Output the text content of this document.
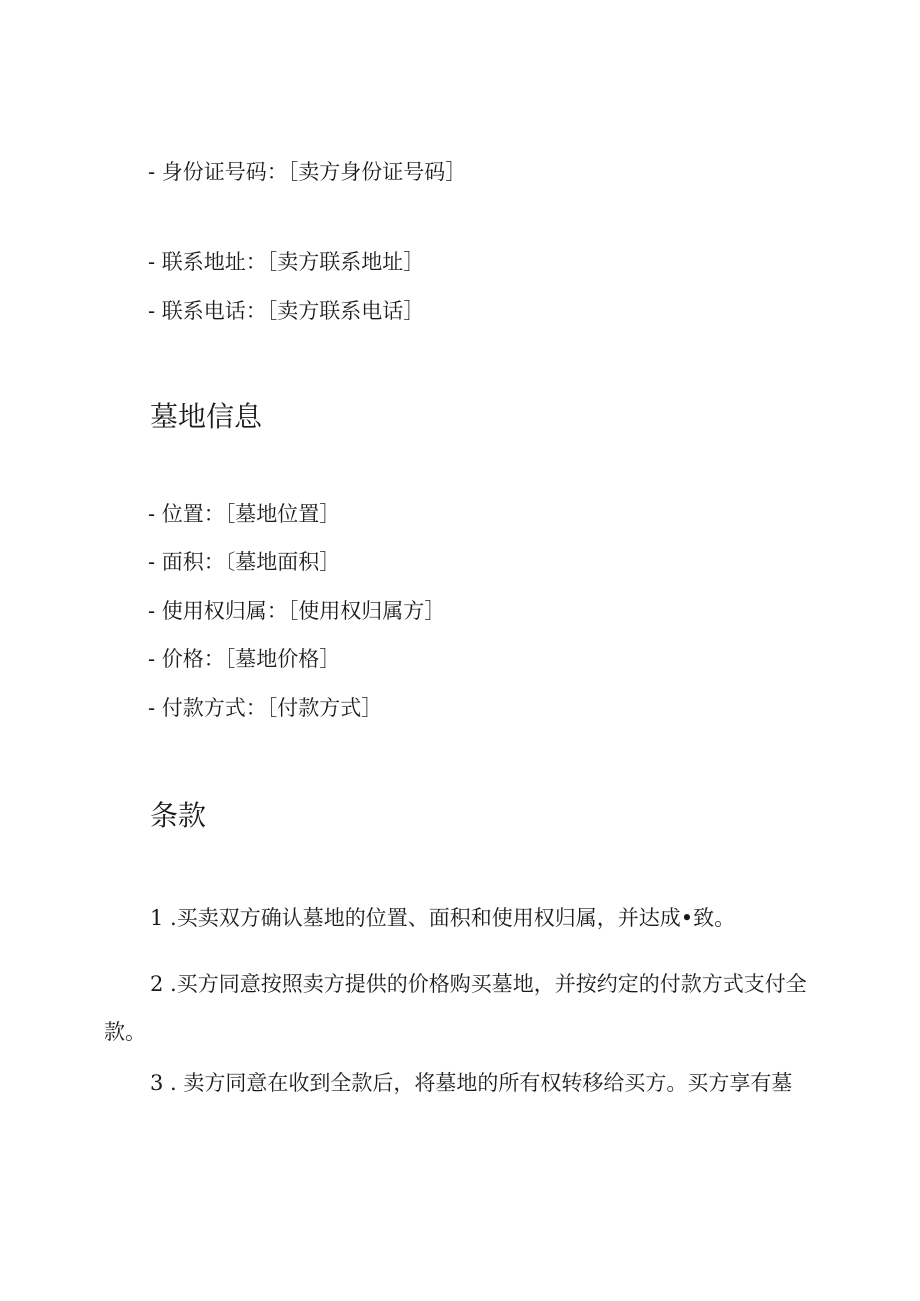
- 身份证号码：［卖方身份证号码］
- 联系地址：［卖方联系地址］
- 联系电话：［卖方联系电话］
墓地信息
- 位置：［墓地位置］
- 面积：〔墓地面积］
- 使用权归属：［使用权归属方］
- 价格：［墓地价格］
- 付款方式：［付款方式］
条款
1 .买卖双方确认墓地的位置、面积和使用权归属，并达成•致。
2 .买方同意按照卖方提供的价格购买墓地，并按约定的付款方式支付全款。
3 . 卖方同意在收到全款后，将墓地的所有权转移给买方。买方享有墓
